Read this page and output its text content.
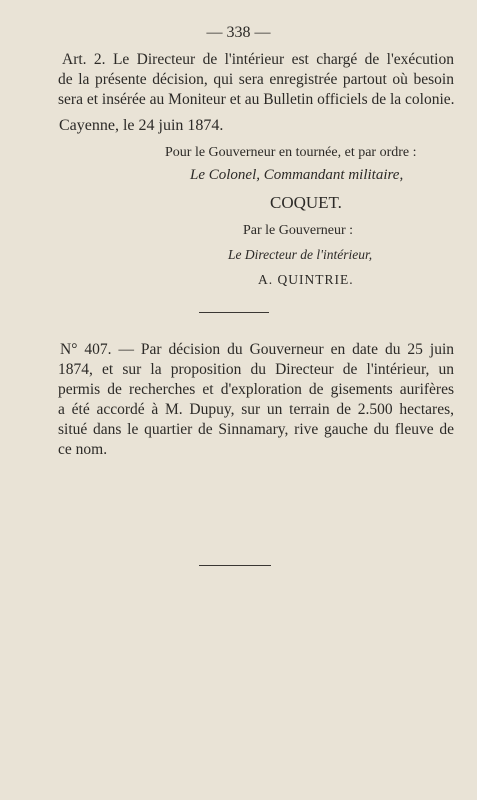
— 338 —
Art. 2. Le Directeur de l'intérieur est chargé de l'exécution
de la présente décision, qui sera enregistrée partout où besoin
sera et insérée au Moniteur et au Bulletin officiels de la colonie.
Cayenne, le 24 juin 1874.
Pour le Gouverneur en tournée, et par ordre :
Le Colonel, Commandant militaire,
COQUET.
Par le Gouverneur :
Le Directeur de l'intérieur,
A. QUINTRIE.
N° 407. — Par décision du Gouverneur en date du 25 juin
1874, et sur la proposition du Directeur de l'intérieur, un
permis de recherches et d'exploration de gisements aurifères
a été accordé à M. Dupuy, sur un terrain de 2.500 hectares,
situé dans le quartier de Sinnamary, rive gauche du fleuve de
ce nom.
